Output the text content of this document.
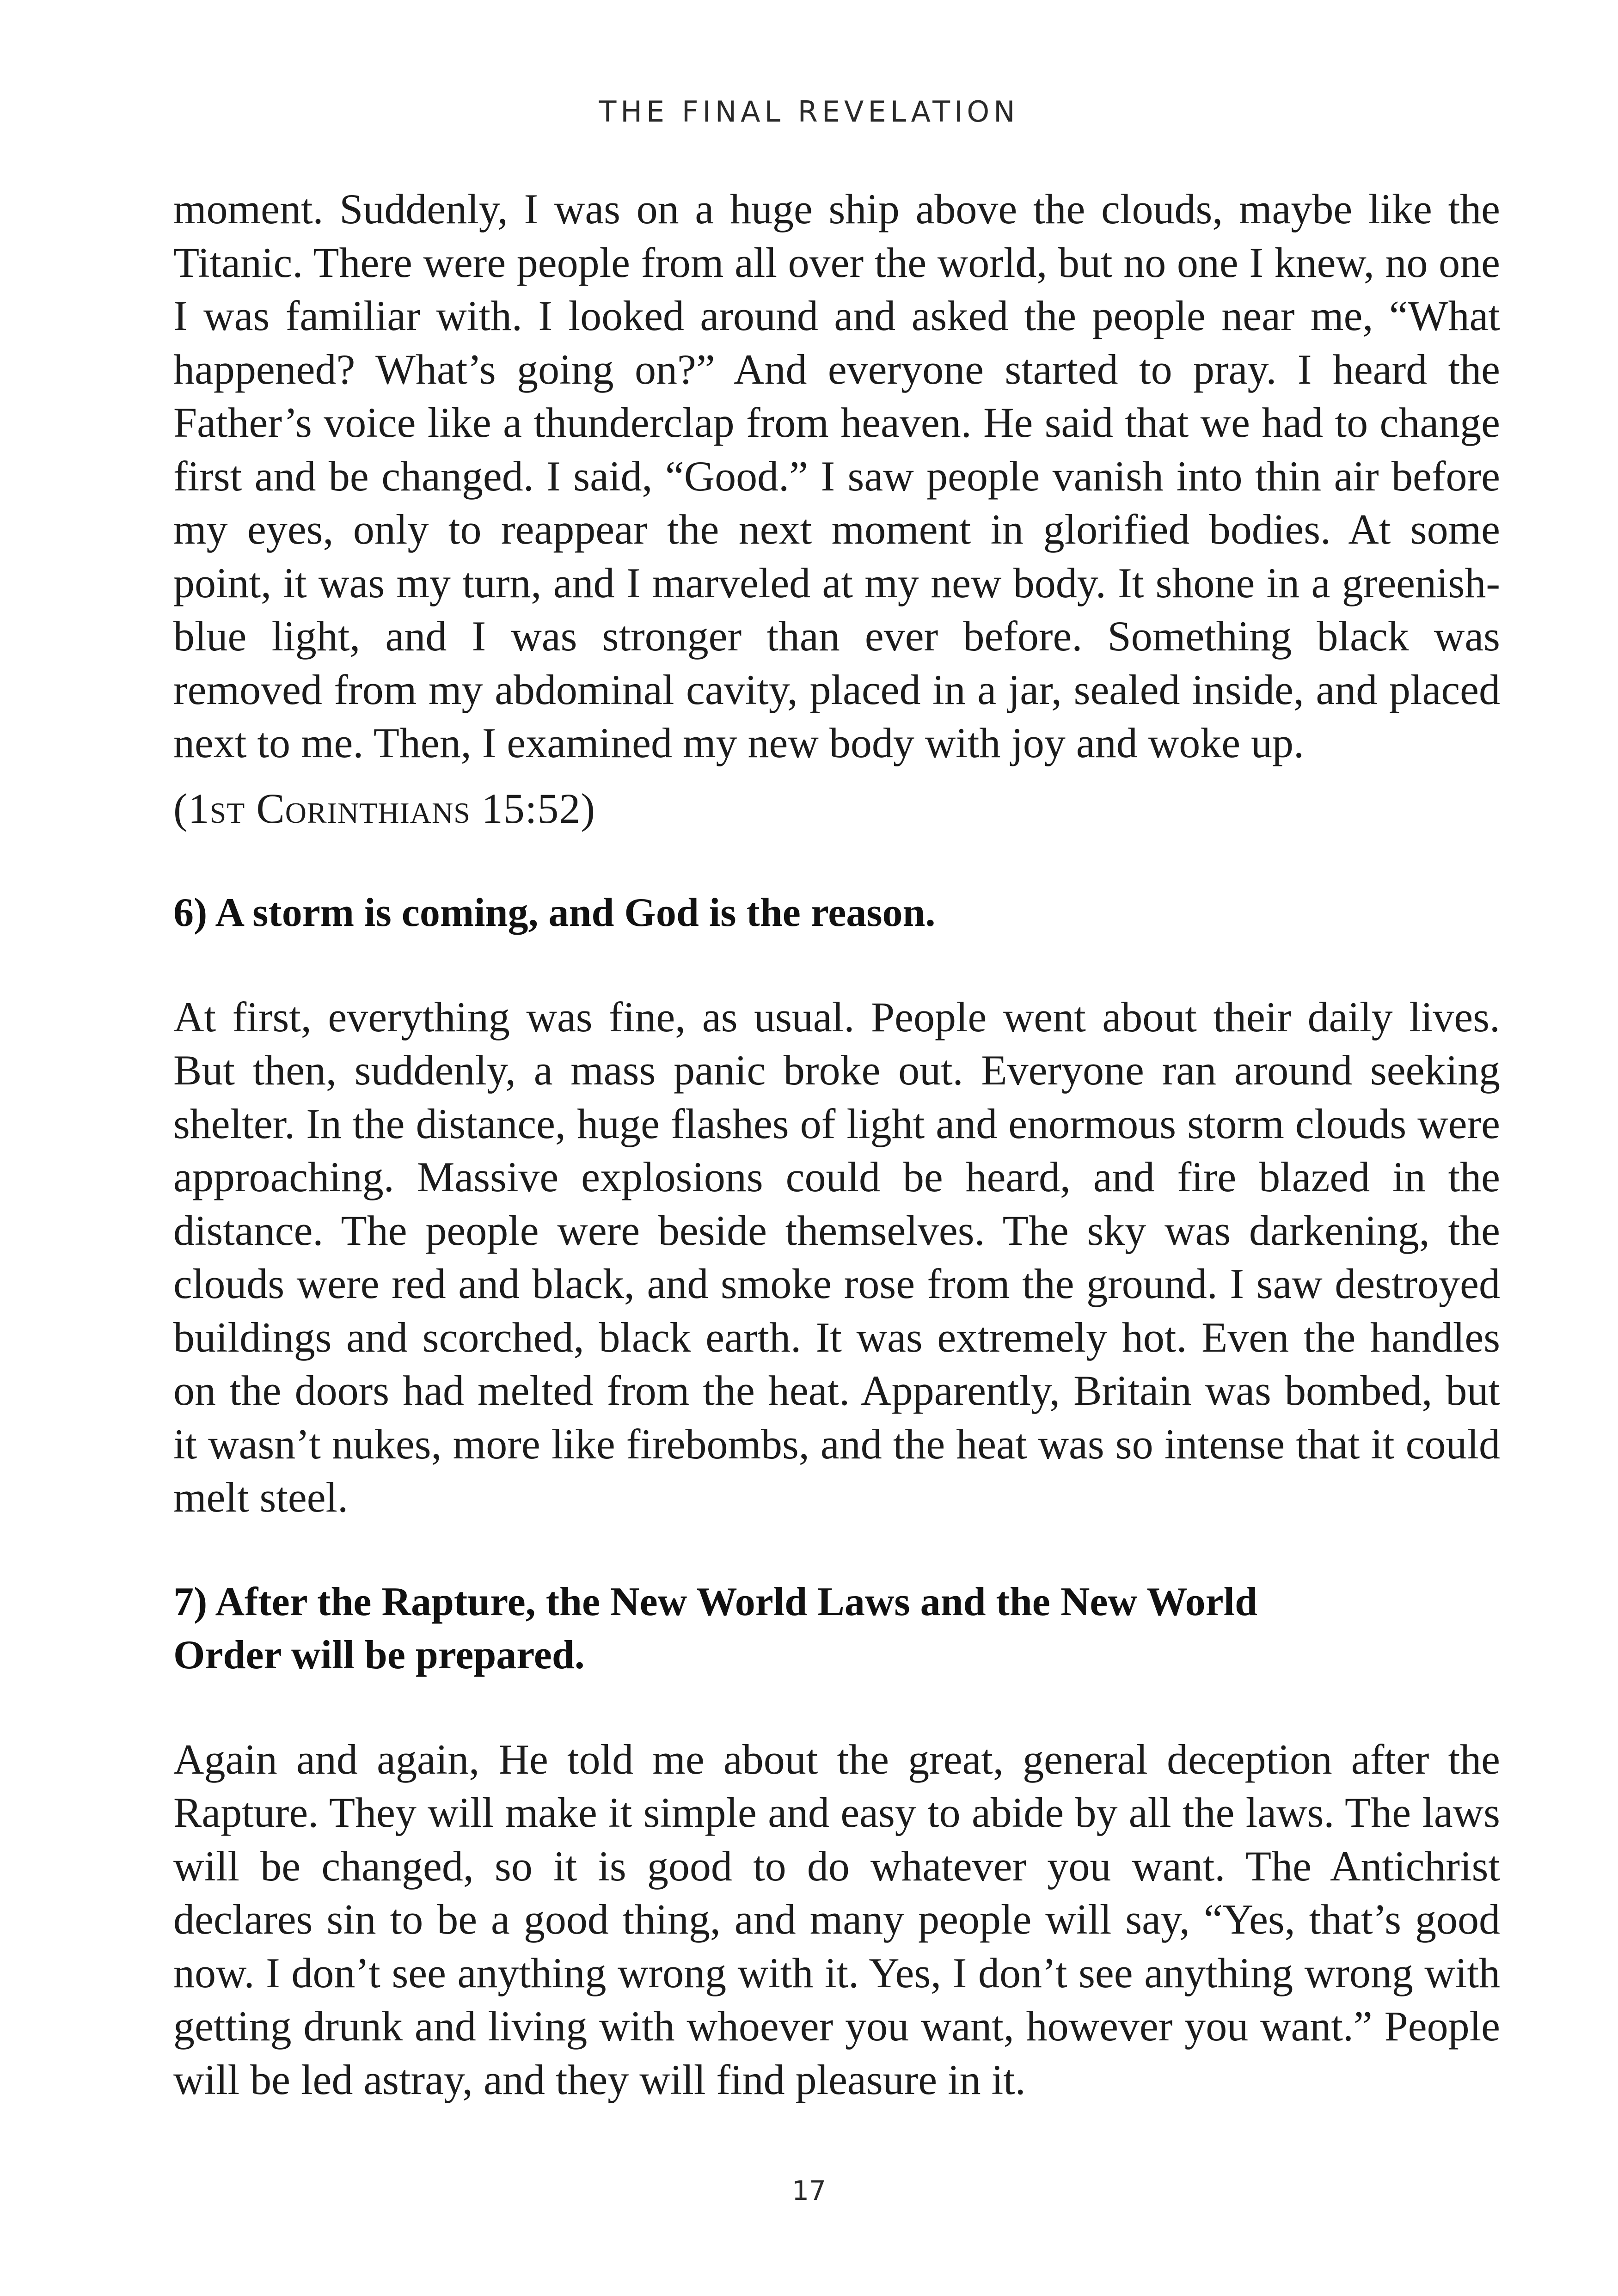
THE FINAL REVELATION

moment. Suddenly, I was on a huge ship above the clouds, maybe like the Titanic. There were people from all over the world, but no one I knew, no one I was familiar with. I looked around and asked the people near me, “What happened? What’s going on?” And everyone started to pray. I heard the Father’s voice like a thunderclap from heaven. He said that we had to change first and be changed. I said, “Good.” I saw people vanish into thin air before my eyes, only to reappear the next moment in glorified bodies. At some point, it was my turn, and I marveled at my new body. It shone in a greenish-blue light, and I was stronger than ever before. Something black was removed from my abdominal cavity, placed in a jar, sealed inside, and placed next to me. Then, I examined my new body with joy and woke up.

(1st Corinthians 15:52)

6) A storm is coming, and God is the reason.

At first, everything was fine, as usual. People went about their daily lives. But then, suddenly, a mass panic broke out. Everyone ran around seeking shelter. In the distance, huge flashes of light and enormous storm clouds were approaching. Massive explosions could be heard, and fire blazed in the distance. The people were beside themselves. The sky was darkening, the clouds were red and black, and smoke rose from the ground. I saw destroyed buildings and scorched, black earth. It was extremely hot. Even the handles on the doors had melted from the heat. Apparently, Britain was bombed, but it wasn’t nukes, more like firebombs, and the heat was so intense that it could melt steel.

7) After the Rapture, the New World Laws and the New World
Order will be prepared.

Again and again, He told me about the great, general deception after the Rapture. They will make it simple and easy to abide by all the laws. The laws will be changed, so it is good to do whatever you want. The Antichrist declares sin to be a good thing, and many people will say, “Yes, that’s good now. I don’t see anything wrong with it. Yes, I don’t see anything wrong with getting drunk and living with whoever you want, however you want.” People will be led astray, and they will find pleasure in it.

17
